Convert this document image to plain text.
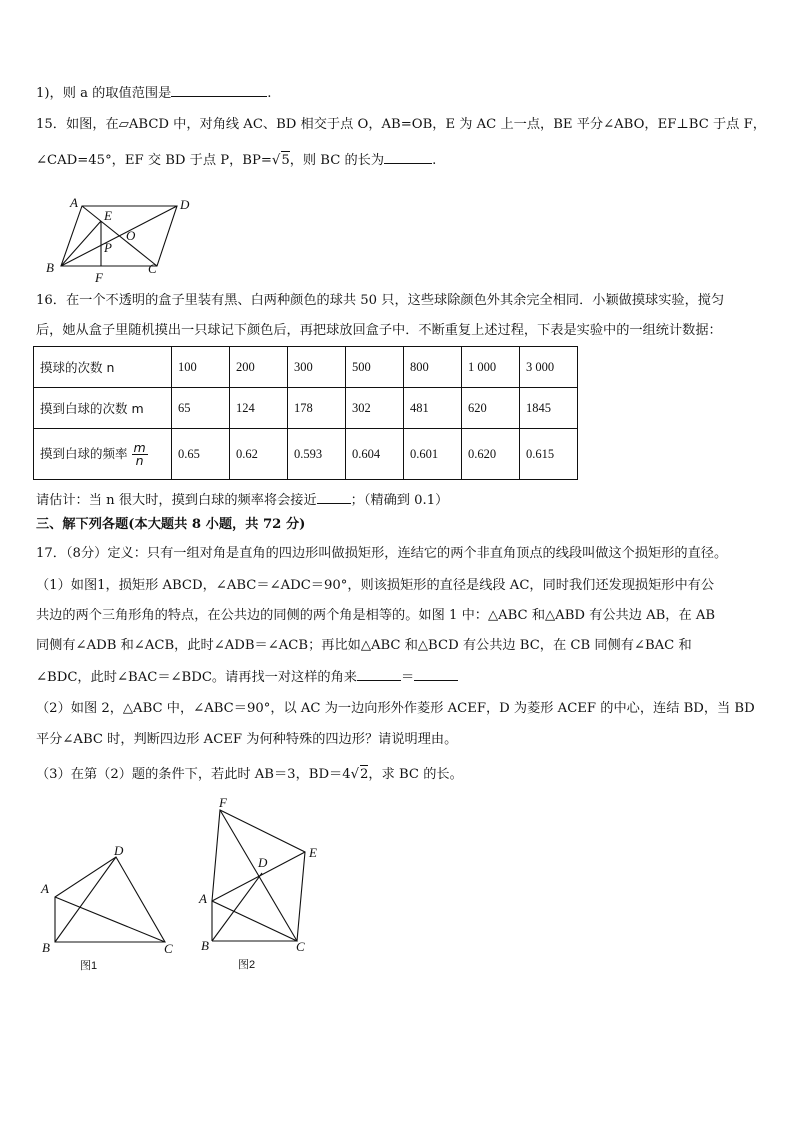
1)，则 a 的取值范围是	.
15．如图，在▱ABCD 中，对角线 AC、BD 相交于点 O，AB=OB，E 为 AC 上一点，BE 平分∠ABO，EF⊥BC 于点 F，
∠CAD=45°，EF 交 BD 于点 P，BP=√5，则 BC 的长为	.
A	D
E
O
P
B
F
C
16．在一个不透明的盒子里装有黑、白两种颜色的球共 50 只，这些球除颜色外其余完全相同．小颖做摸球实验，搅匀
后，她从盒子里随机摸出一只球记下颜色后，再把球放回盒子中．不断重复上述过程，下表是实验中的一组统计数据：
摸球的次数 n	100	200	300	500	800	1 000	3 000
摸到白球的次数 m	65	124	178	302	481	620	1845
摸到白球的频率 $\frac{m}{n}$	0.65	0.62	0.593	0.604	0.601	0.620	0.615
请估计：当 n 很大时，摸到白球的频率将会接近	；（精确到 0.1）
三、解下列各题(本大题共 8 小题，共 72 分)
17．（8分）定义：只有一组对角是直角的四边形叫做损矩形，连结它的两个非直角顶点的线段叫做这个损矩形的直径。
（1）如图1，损矩形 ABCD，∠ABC＝∠ADC＝90°，则该损矩形的直径是线段 AC，同时我们还发现损矩形中有公
共边的两个三角形角的特点，在公共边的同侧的两个角是相等的。如图 1 中：△ABC 和△ABD 有公共边 AB，在 AB
同侧有∠ADB 和∠ACB，此时∠ADB＝∠ACB；再比如△ABC 和△BCD 有公共边 BC，在 CB 同侧有∠BAC 和
∠BDC，此时∠BAC＝∠BDC。请再找一对这样的角来	＝
（2）如图 2，△ABC 中，∠ABC＝90°，以 AC 为一边向形外作菱形 ACEF，D 为菱形 ACEF 的中心，连结 BD，当 BD
平分∠ABC 时，判断四边形 ACEF 为何种特殊的四边形？请说明理由。
（3）在第（2）题的条件下，若此时 AB＝3，BD＝4√2，求 BC 的长。
D
A
B	C
图1
F
E
D
A
B	C
图2
